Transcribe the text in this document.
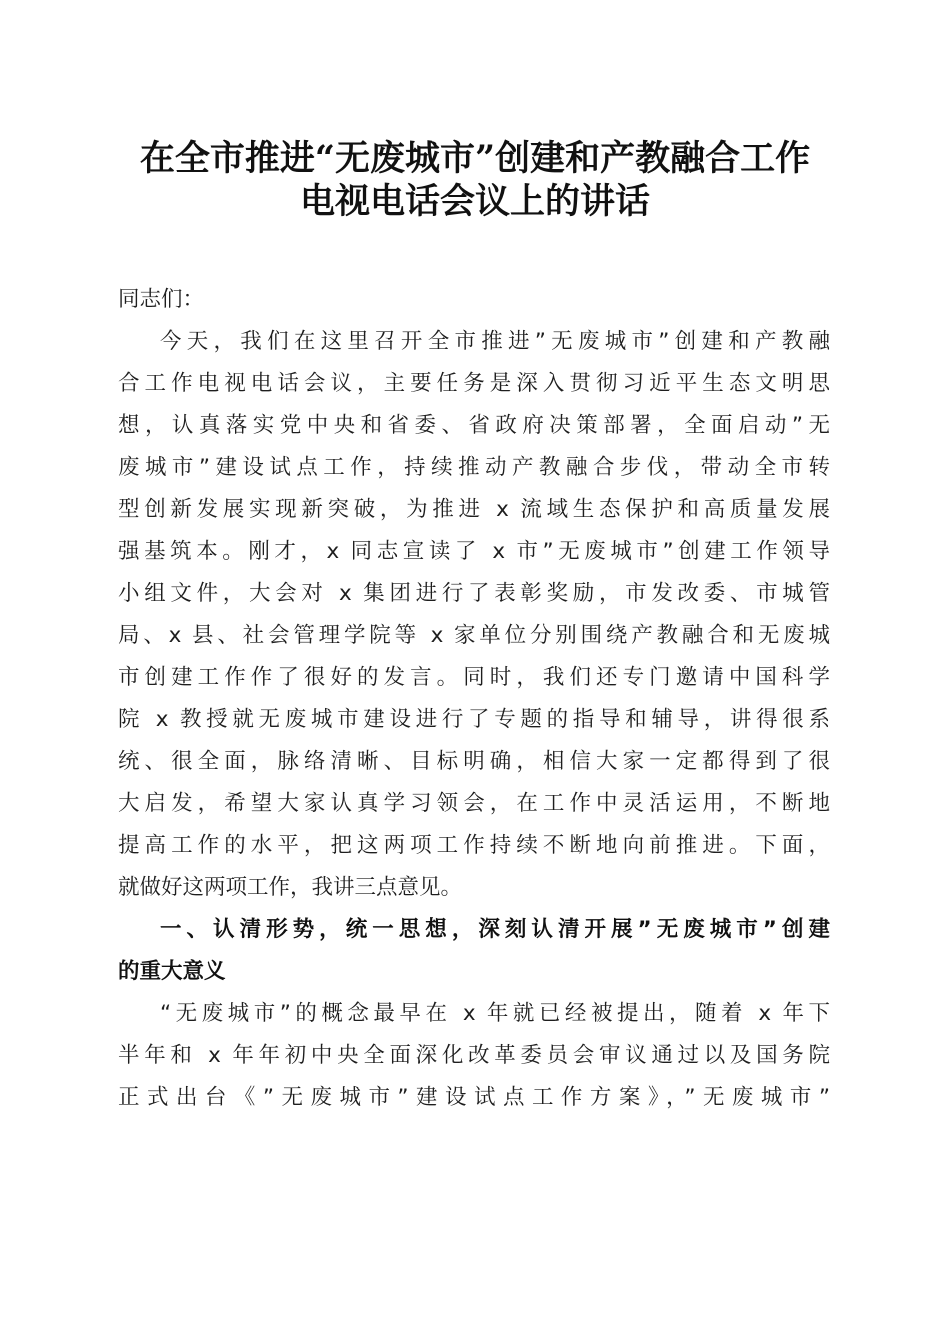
在全市推进“无废城市”创建和产教融合工作
电视电话会议上的讲话
同志们：
今天，我们在这里召开全市推进”无废城市”创建和产教融
合工作电视电话会议，主要任务是深入贯彻习近平生态文明思
想，认真落实党中央和省委、省政府决策部署，全面启动”无
废城市”建设试点工作，持续推动产教融合步伐，带动全市转
型创新发展实现新突破，为推进 x 流域生态保护和高质量发展
强基筑本。刚才，x 同志宣读了 x 市”无废城市”创建工作领导
小组文件，大会对 x 集团进行了表彰奖励，市发改委、市城管
局、x 县、社会管理学院等 x 家单位分别围绕产教融合和无废城
市创建工作作了很好的发言。同时，我们还专门邀请中国科学
院 x 教授就无废城市建设进行了专题的指导和辅导，讲得很系
统、很全面，脉络清晰、目标明确，相信大家一定都得到了很
大启发，希望大家认真学习领会，在工作中灵活运用，不断地
提高工作的水平，把这两项工作持续不断地向前推进。下面，
就做好这两项工作，我讲三点意见。
一、认清形势，统一思想，深刻认清开展”无废城市”创建
的重大意义
“无废城市”的概念最早在 x 年就已经被提出，随着 x 年下
半年和 x 年年初中央全面深化改革委员会审议通过以及国务院
正式出台《”无废城市”建设试点工作方案》，”无废城市”
